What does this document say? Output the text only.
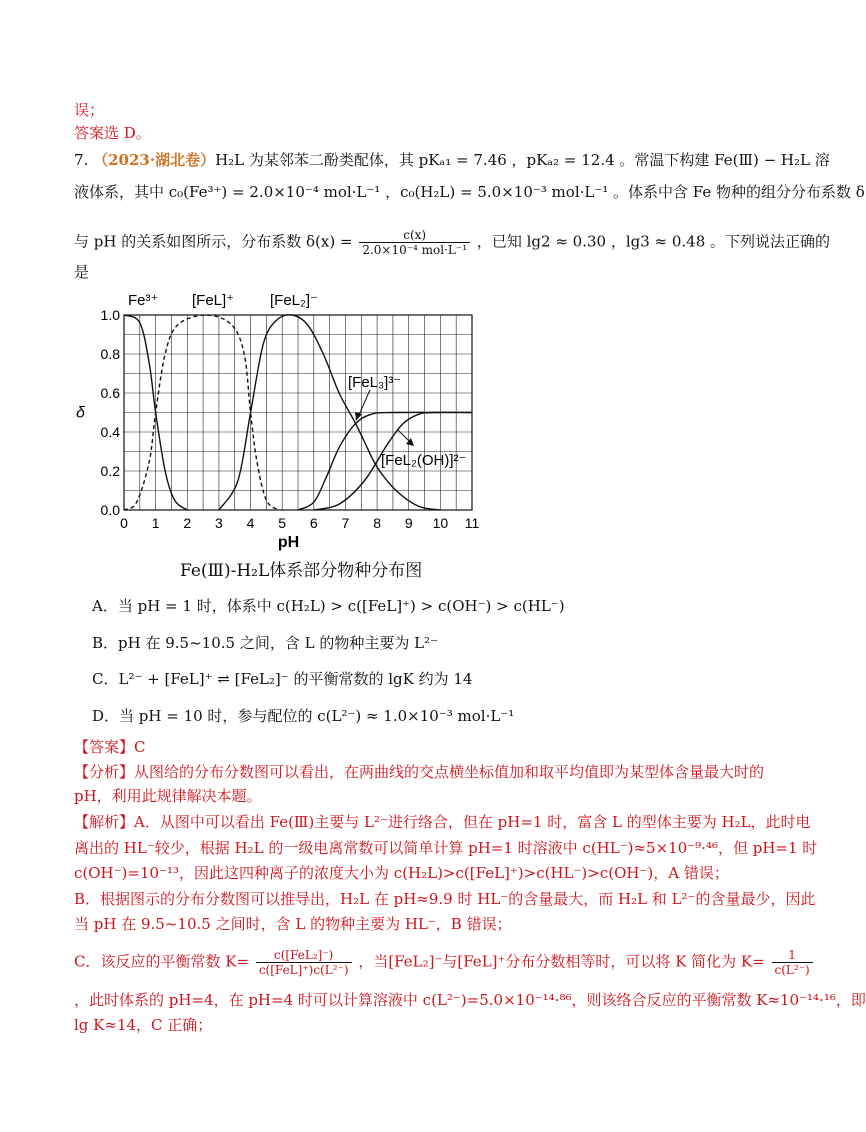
误；
答案选 D。
7. （2023·湖北卷）H₂L 为某邻苯二酚类配体，其 pKₐ₁ = 7.46 ，pKₐ₂ = 12.4 。常温下构建 Fe(Ⅲ) − H₂L 溶
液体系，其中 c₀(Fe³⁺) = 2.0×10⁻⁴ mol·L⁻¹ ，c₀(H₂L) = 5.0×10⁻³ mol·L⁻¹ 。体系中含 Fe 物种的组分分布系数 δ
与 pH 的关系如图所示，分布系数 $\delta(x) = \frac{c(x)}{\text{2.0×10⁻⁴ mol·L⁻¹}}$ ，已知 lg2 ≈ 0.30 ，lg3 ≈ 0.48 。下列说法正确的
是
0 1 2 3 4 5 6 7 8 9 10 11
0.0
0.2
0.4
0.6
0.8
1.0
pH
δ
Fe³⁺ [FeL]⁺ [FeL₂]⁻
[FeL₃]³⁻
[FeL₂(OH)]²⁻
Fe(Ⅲ)-H₂L体系部分物种分布图
A．当 pH = 1 时，体系中 c(H₂L) > c([FeL]⁺) > c(OH⁻) > c(HL⁻)
B．pH 在 9.5~10.5 之间，含 L 的物种主要为 L²⁻
C．L²⁻ + [FeL]⁺ ⇌ [FeL₂]⁻ 的平衡常数的 lgK 约为 14
D．当 pH = 10 时，参与配位的 c(L²⁻) ≈ 1.0×10⁻³ mol·L⁻¹
【答案】C
【分析】从图给的分布分数图可以看出，在两曲线的交点横坐标值加和取平均值即为某型体含量最大时的
pH，利用此规律解决本题。
【解析】A．从图中可以看出 Fe(Ⅲ)主要与 L²⁻进行络合，但在 pH=1 时，富含 L 的型体主要为 H₂L，此时电
离出的 HL⁻较少，根据 H₂L 的一级电离常数可以简单计算 pH=1 时溶液中 c(HL⁻)≈5×10⁻⁹·⁴⁶，但 pH=1 时
c(OH⁻)=10⁻¹³，因此这四种离子的浓度大小为 c(H₂L)>c([FeL]⁺)>c(HL⁻)>c(OH⁻)，A 错误；
B．根据图示的分布分数图可以推导出，H₂L 在 pH≈9.9 时 HL⁻的含量最大，而 H₂L 和 L²⁻的含量最少，因此
当 pH 在 9.5~10.5 之间时，含 L 的物种主要为 HL⁻，B 错误；
C．该反应的平衡常数 $K= \frac{\text{c([FeL₂]⁻)}}{\text{c([FeL]⁺)c(L²⁻)}}$ ，当[FeL₂]⁻与[FeL]⁺分布分数相等时，可以将 K 简化为 $K= \frac{1}{\text{c(L²⁻)}}$
，此时体系的 pH=4，在 pH=4 时可以计算溶液中 c(L²⁻)=5.0×10⁻¹⁴·⁸⁶，则该络合反应的平衡常数 K≈10⁻¹⁴·¹⁶，即
lg K≈14，C 正确；
